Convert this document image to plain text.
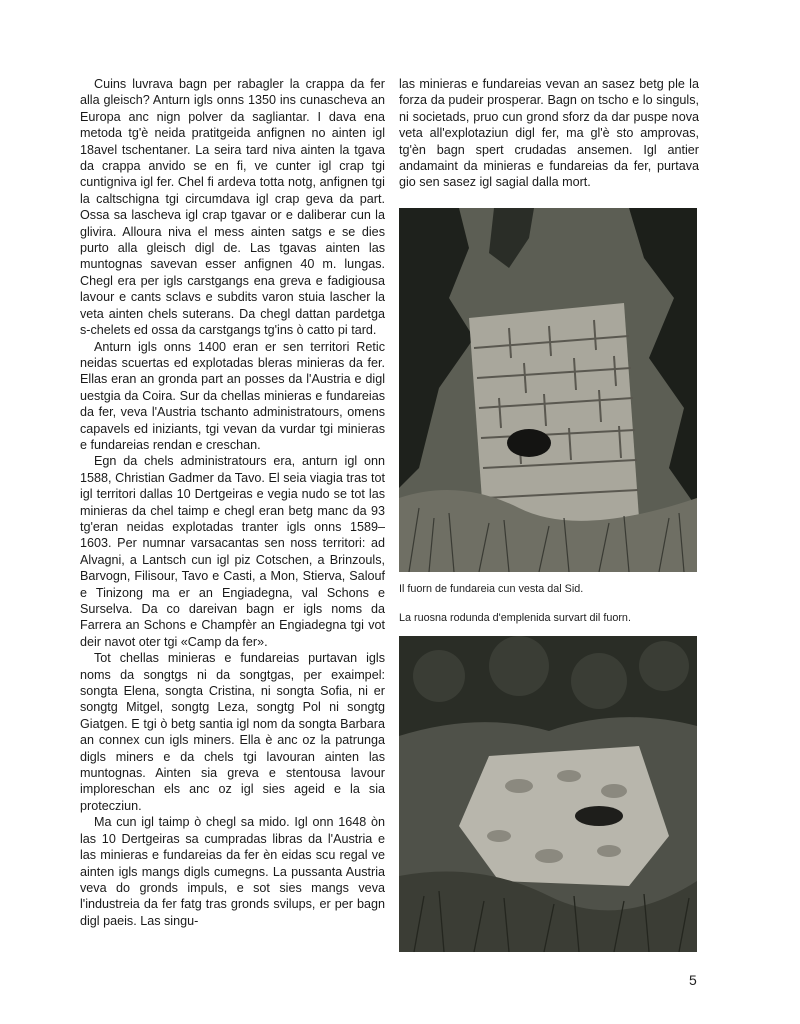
Cuins luvrava bagn per rabagler la crappa da fer alla gleisch? Anturn igls onns 1350 ins cunascheva an Europa anc nign polver da sagliantar. I dava ena metoda tg'è neida pratitgeida anfignen no ainten igl 18avel tschentaner. La seira tard niva ainten la tgava da crappa anvido se en fi, ve cunter igl crap tgi cuntigniva igl fer. Chel fi ardeva totta notg, anfignen tgi la caltschigna tgi circumdava igl crap geva da part. Ossa sa lascheva igl crap tgavar or e daliberar cun la glivira. Alloura niva el mess ainten satgs e se dies purto alla gleisch digl de. Las tgavas ainten las muntognas savevan esser anfignen 40 m. lungas. Chegl era per igls carstgangs ena greva e fadigiousa lavour e cants sclavs e subdits varon stuia lascher la veta ainten chels suterans. Da chegl dattan pardetga s-chelets ed ossa da carstgangs tg'ins ò catto pi tard.

Anturn igls onns 1400 eran er sen territori Retic neidas scuertas ed explotadas bleras minieras da fer. Ellas eran an gronda part an posses da l'Austria e digl uestgia da Coira. Sur da chellas minieras e fundareias da fer, veva l'Austria tschanto administratours, omens capavels ed iniziants, tgi vevan da vurdar tgi minieras e fundareias rendan e creschan.

Egn da chels administratours era, anturn igl onn 1588, Christian Gadmer da Tavo. El seia viagia tras tot igl territori dallas 10 Dertgeiras e vegia nudo se tot las minieras da chel taimp e chegl eran betg manc da 93 tg'eran neidas explotadas tranter igls onns 1589–1603. Per numnar varsacantas sen noss territori: ad Alvagni, a Lantsch cun igl piz Cotschen, a Brinzouls, Barvogn, Filisour, Tavo e Casti, a Mon, Stierva, Salouf e Tinizong ma er an Engiadegna, val Schons e Surselva. Da co dareivan bagn er igls noms da Farrera an Schons e Champfèr an Engiadegna tgi vot deir navot oter tgi «Camp da fer».

Tot chellas minieras e fundareias purtavan igls noms da songtgs ni da songtgas, per exaimpel: songta Elena, songta Cristina, ni songta Sofia, ni er songtg Mitgel, songtg Leza, songtg Pol ni songtg Giatgen. E tgi ò betg santia igl nom da songta Barbara an connex cun igls miners. Ella è anc oz la patrunga digls miners e da chels tgi lavouran ainten las muntognas. Ainten sia greva e stentousa lavour imploreschan els anc oz igl sies ageid e la sia protecziun.

Ma cun igl taimp ò chegl sa mido. Igl onn 1648 òn las 10 Dertgeiras sa cumpradas libras da l'Austria e las minieras e fundareias da fer èn eidas scu regal ve ainten igls mangs digls cumegns. La pussanta Austria veva do gronds impuls, e sot sies mangs veva l'industreia da fer fatg tras gronds svilups, er per bagn digl paeis. Las singu-

las minieras e fundareias vevan an sasez betg ple la forza da pudeir prosperar. Bagn on tscho e lo singuls, ni societads, pruo cun grond sforz da dar puspe nova veta all'explotaziun digl fer, ma gl'è sto amprovas, tg'èn bagn spert crudadas ansemen. Igl antier andamaint da minieras e fundareias da fer, purtava gio sen sasez igl sagial dalla mort.

Il fuorn de fundareia cun vesta dal Sid.
La ruosna rodunda d'emplenida survart dil fuorn.
5
